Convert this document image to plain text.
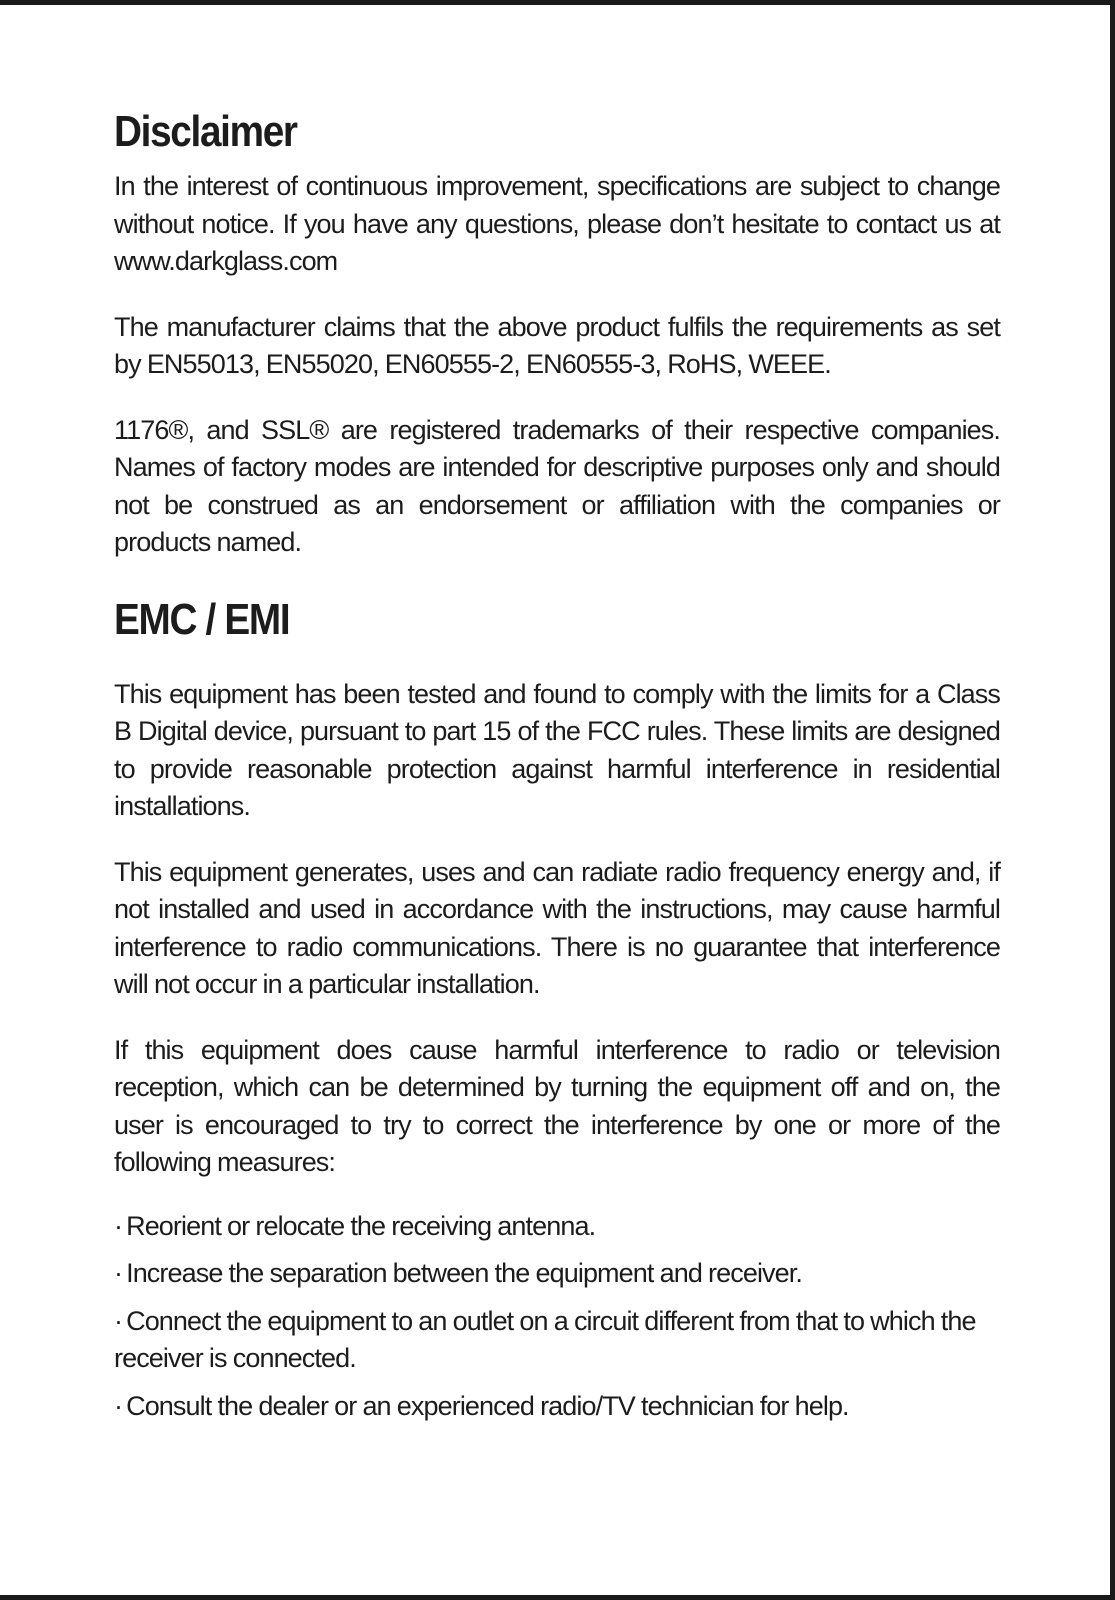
Disclaimer

In the interest of continuous improvement, specifications are subject to change without notice. If you have any questions, please don’t hesitate to contact us at www.darkglass.com

The manufacturer claims that the above product fulfils the requirements as set by EN55013, EN55020, EN60555-2, EN60555-3, RoHS, WEEE.

1176®, and SSL® are registered trademarks of their respective companies. Names of factory modes are intended for descriptive purposes only and should not be construed as an endorsement or affiliation with the companies or products named.

EMC / EMI

This equipment has been tested and found to comply with the limits for a Class B Digital device, pursuant to part 15 of the FCC rules. These limits are designed to provide reasonable protection against harmful interference in residential installations.

This equipment generates, uses and can radiate radio frequency energy and, if not installed and used in accordance with the instructions, may cause harmful interference to radio communications. There is no guarantee that interference will not occur in a particular installation.

If this equipment does cause harmful interference to radio or television reception, which can be determined by turning the equipment off and on, the user is encouraged to try to correct the interference by one or more of the following measures:

· Reorient or relocate the receiving antenna.
· Increase the separation between the equipment and receiver.
· Connect the equipment to an outlet on a circuit different from that to which the receiver is connected.
· Consult the dealer or an experienced radio/TV technician for help.
